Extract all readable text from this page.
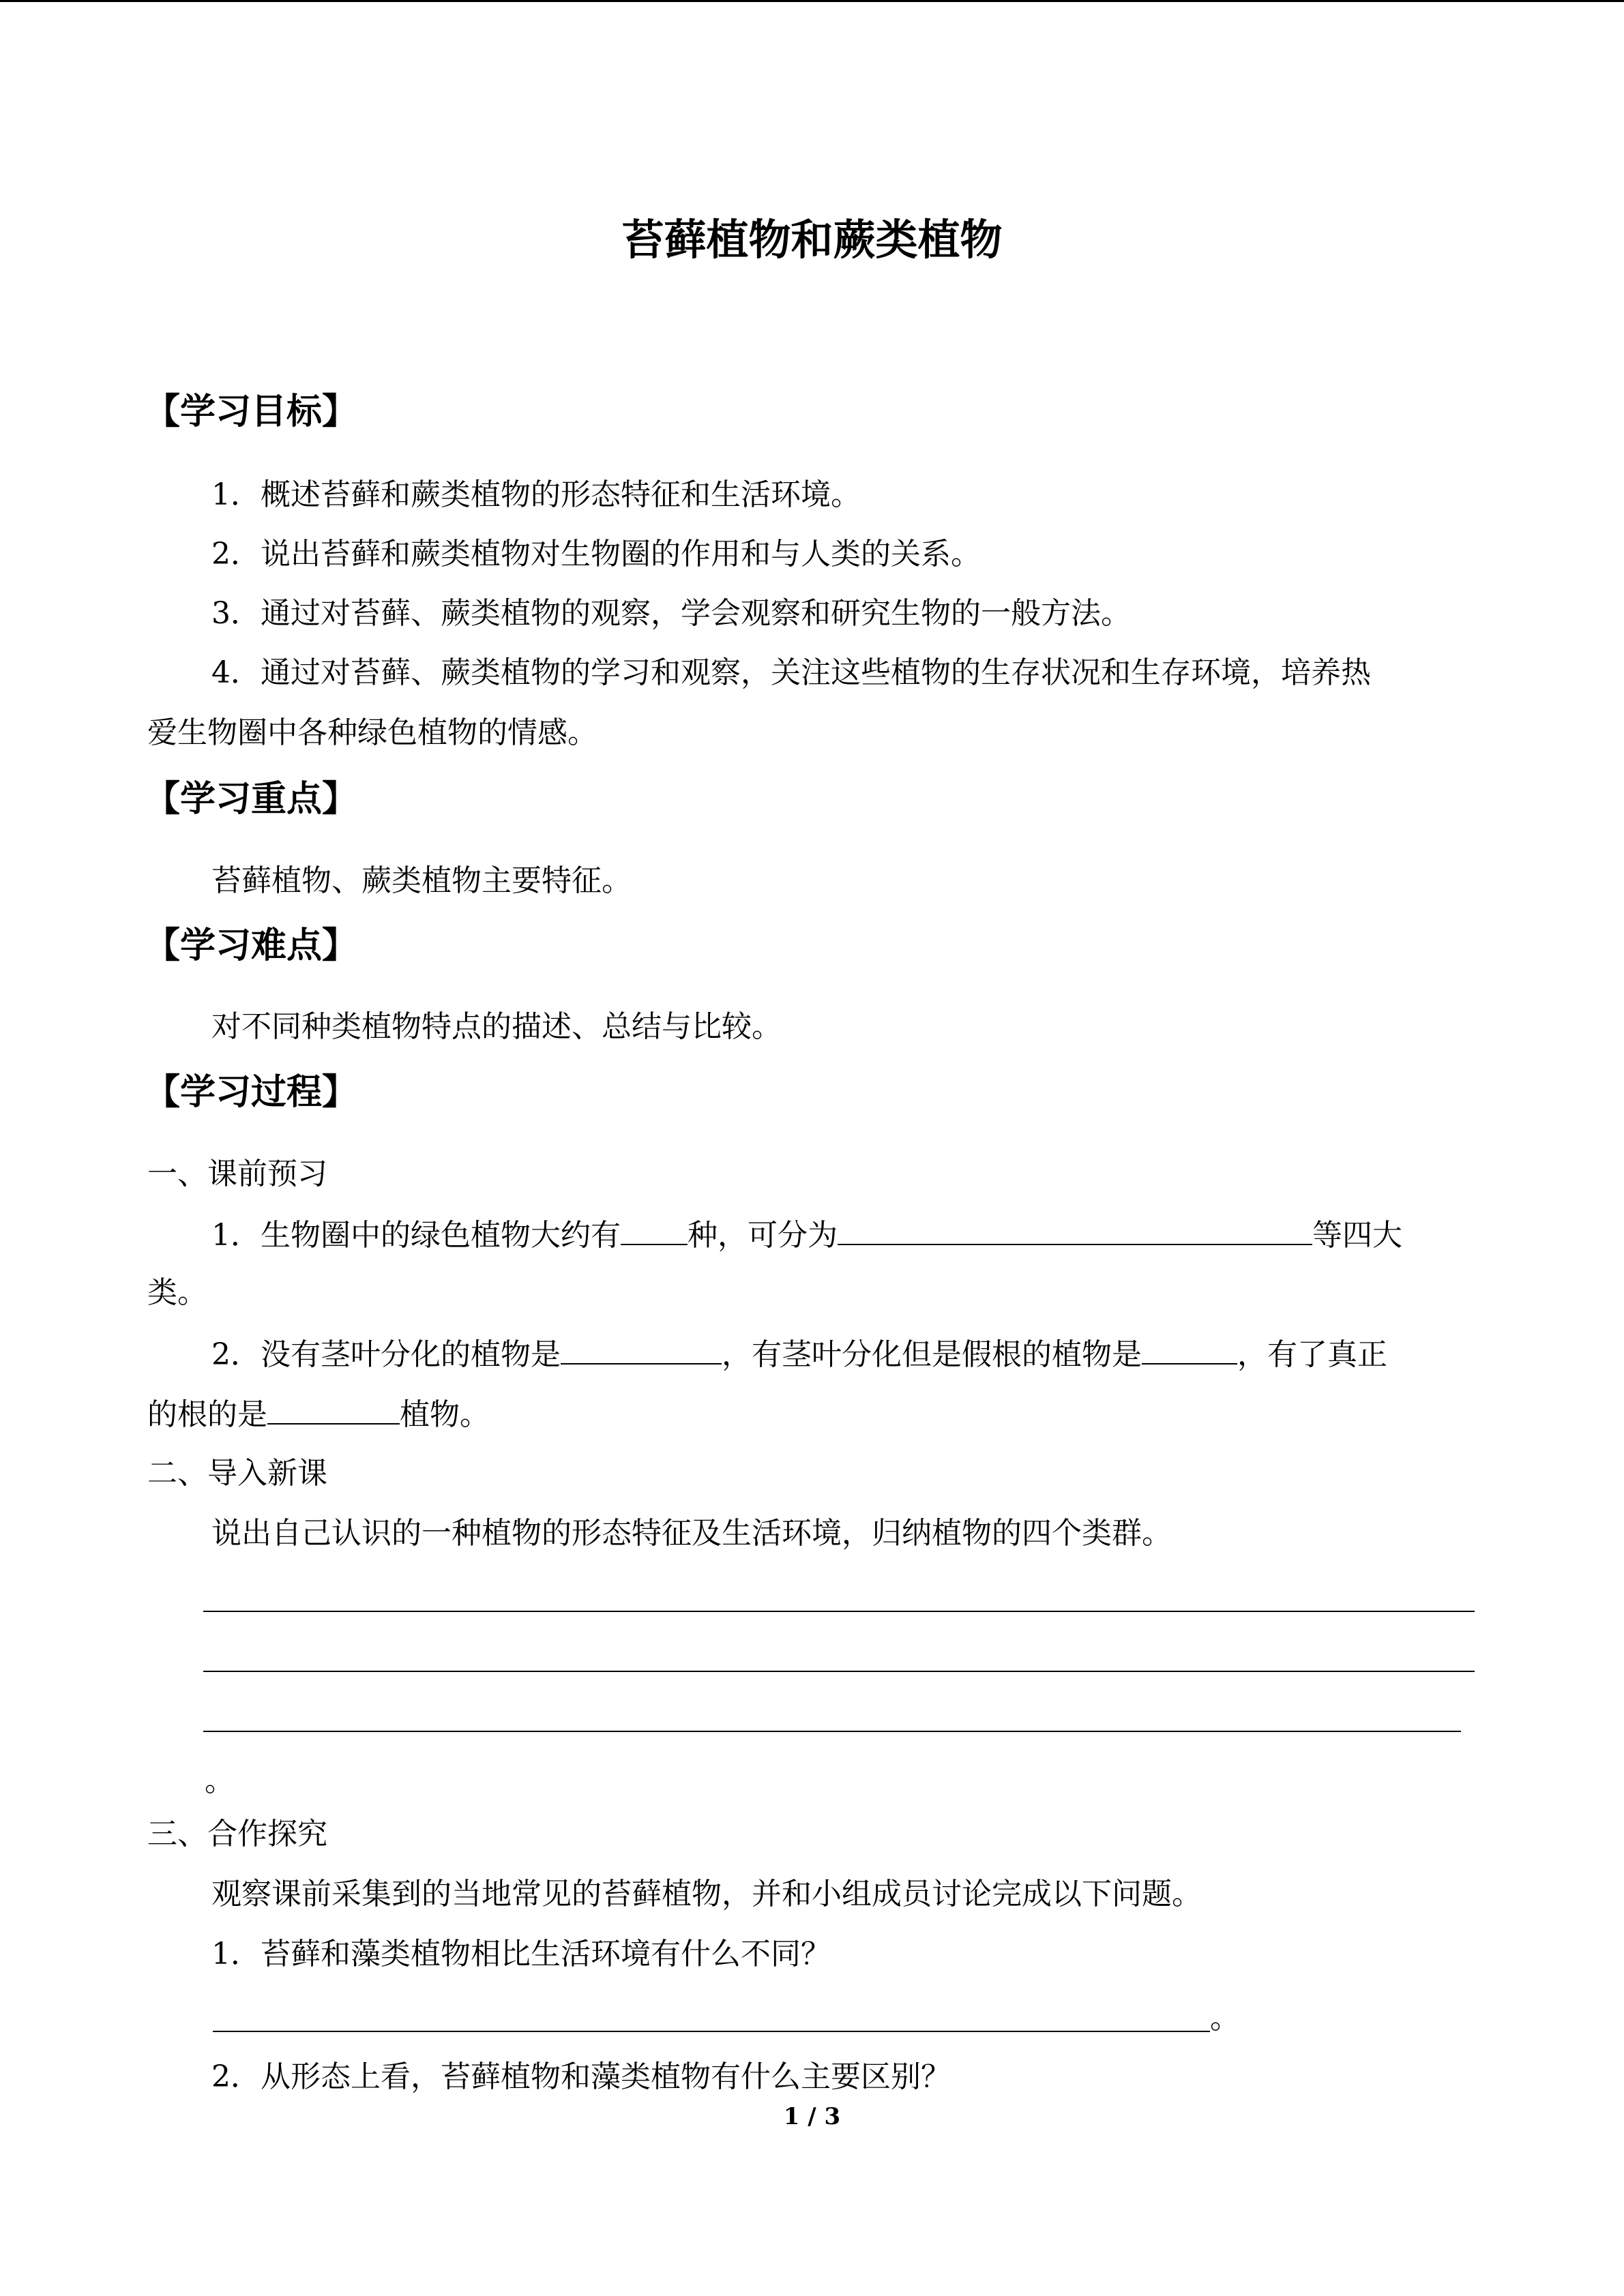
苔藓植物和蕨类植物
【学习目标】
1．概述苔藓和蕨类植物的形态特征和生活环境。
2．说出苔藓和蕨类植物对生物圈的作用和与人类的关系。
3．通过对苔藓、蕨类植物的观察，学会观察和研究生物的一般方法。
4．通过对苔藓、蕨类植物的学习和观察，关注这些植物的生存状况和生存环境，培养热
爱生物圈中各种绿色植物的情感。
【学习重点】
苔藓植物、蕨类植物主要特征。
【学习难点】
对不同种类植物特点的描述、总结与比较。
【学习过程】
一、课前预习
1．生物圈中的绿色植物大约有 种，可分为	等四大
类。
2．没有茎叶分化的植物是	，有茎叶分化但是假根的植物是	，有了真正
的根的是	植物。
二、导入新课
说出自己认识的一种植物的形态特征及生活环境，归纳植物的四个类群。
。
三、合作探究
观察课前采集到的当地常见的苔藓植物，并和小组成员讨论完成以下问题。
1．苔藓和藻类植物相比生活环境有什么不同？
。
2．从形态上看，苔藓植物和藻类植物有什么主要区别？
1 / 3
